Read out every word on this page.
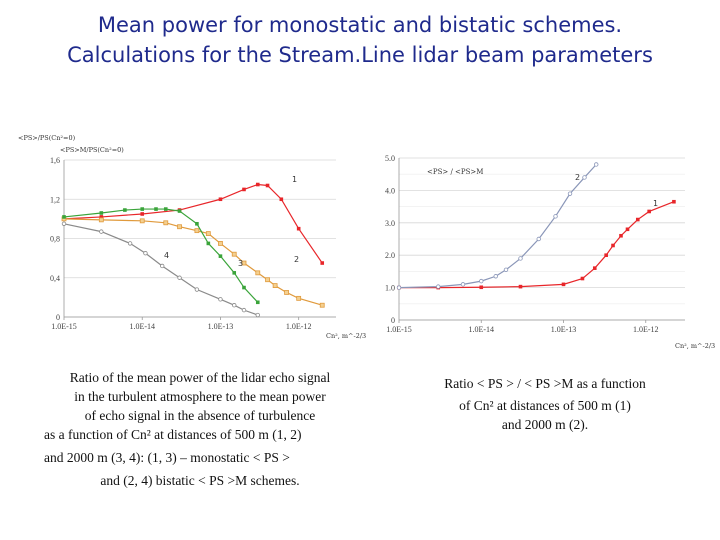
Mean power for monostatic and bistatic schemes.
Calculations for the Stream.Line lidar beam parameters
1
2
3
4
0
0,4
0,8
1,2
1,6
1.0E-15	1.0E-14	1.0E-13	1.0E-12
<PS>/PS(Cn²=0)
<PS>M/PS(Cn²=0)
Cn², m^-2/3
1
2
0
1.0
2.0
3.0
4.0
5.0
1.0E-15	1.0E-14	1.0E-13	1.0E-12
<PS> / <PS>M
Cn², m^-2/3
Ratio of the mean power of the lidar echo signal
in the turbulent atmosphere to the mean power
of echo signal in the absence of turbulence
as a function of Cn² at distances of 500 m (1, 2)
and 2000 m (3, 4): (1, 3) – monostatic < PS >
and (2, 4) bistatic < PS >M schemes.
Ratio < PS > / < PS >M as a function
of Cn² at distances of 500 m (1)
and 2000 m (2).
